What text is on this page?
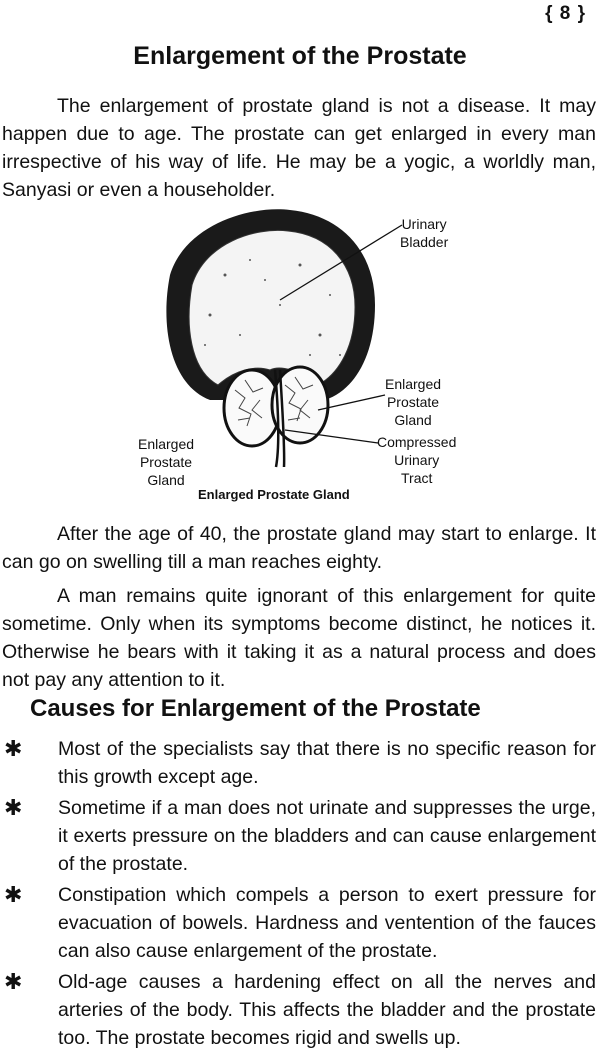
{ 8 }
Enlargement of the Prostate

The enlargement of prostate gland is not a disease. It may happen due to age. The prostate can get enlarged in every man irrespective of his way of life. He may be a yogic, a worldly man, Sanyasi or even a householder.

Urinary
Bladder
Enlarged
Prostate
Gland
Compressed
Urinary
Tract
Enlarged
Prostate
Gland
Enlarged Prostate Gland

After the age of 40, the prostate gland may start to enlarge. It can go on swelling till a man reaches eighty.

A man remains quite ignorant of this enlargement for quite sometime. Only when its symptoms become distinct, he notices it. Otherwise he bears with it taking it as a natural process and does not pay any attention to it.

Causes for Enlargement of the Prostate
✱ Most of the specialists say that there is no specific reason for this growth except age.
✱ Sometime if a man does not urinate and suppresses the urge, it exerts pressure on the bladders and can cause enlargement of the prostate.
✱ Constipation which compels a person to exert pressure for evacuation of bowels. Hardness and ventention of the fauces can also cause enlargement of the prostate.
✱ Old-age causes a hardening effect on all the nerves and arteries of the body. This affects the bladder and the prostate too. The prostate becomes rigid and swells up.
